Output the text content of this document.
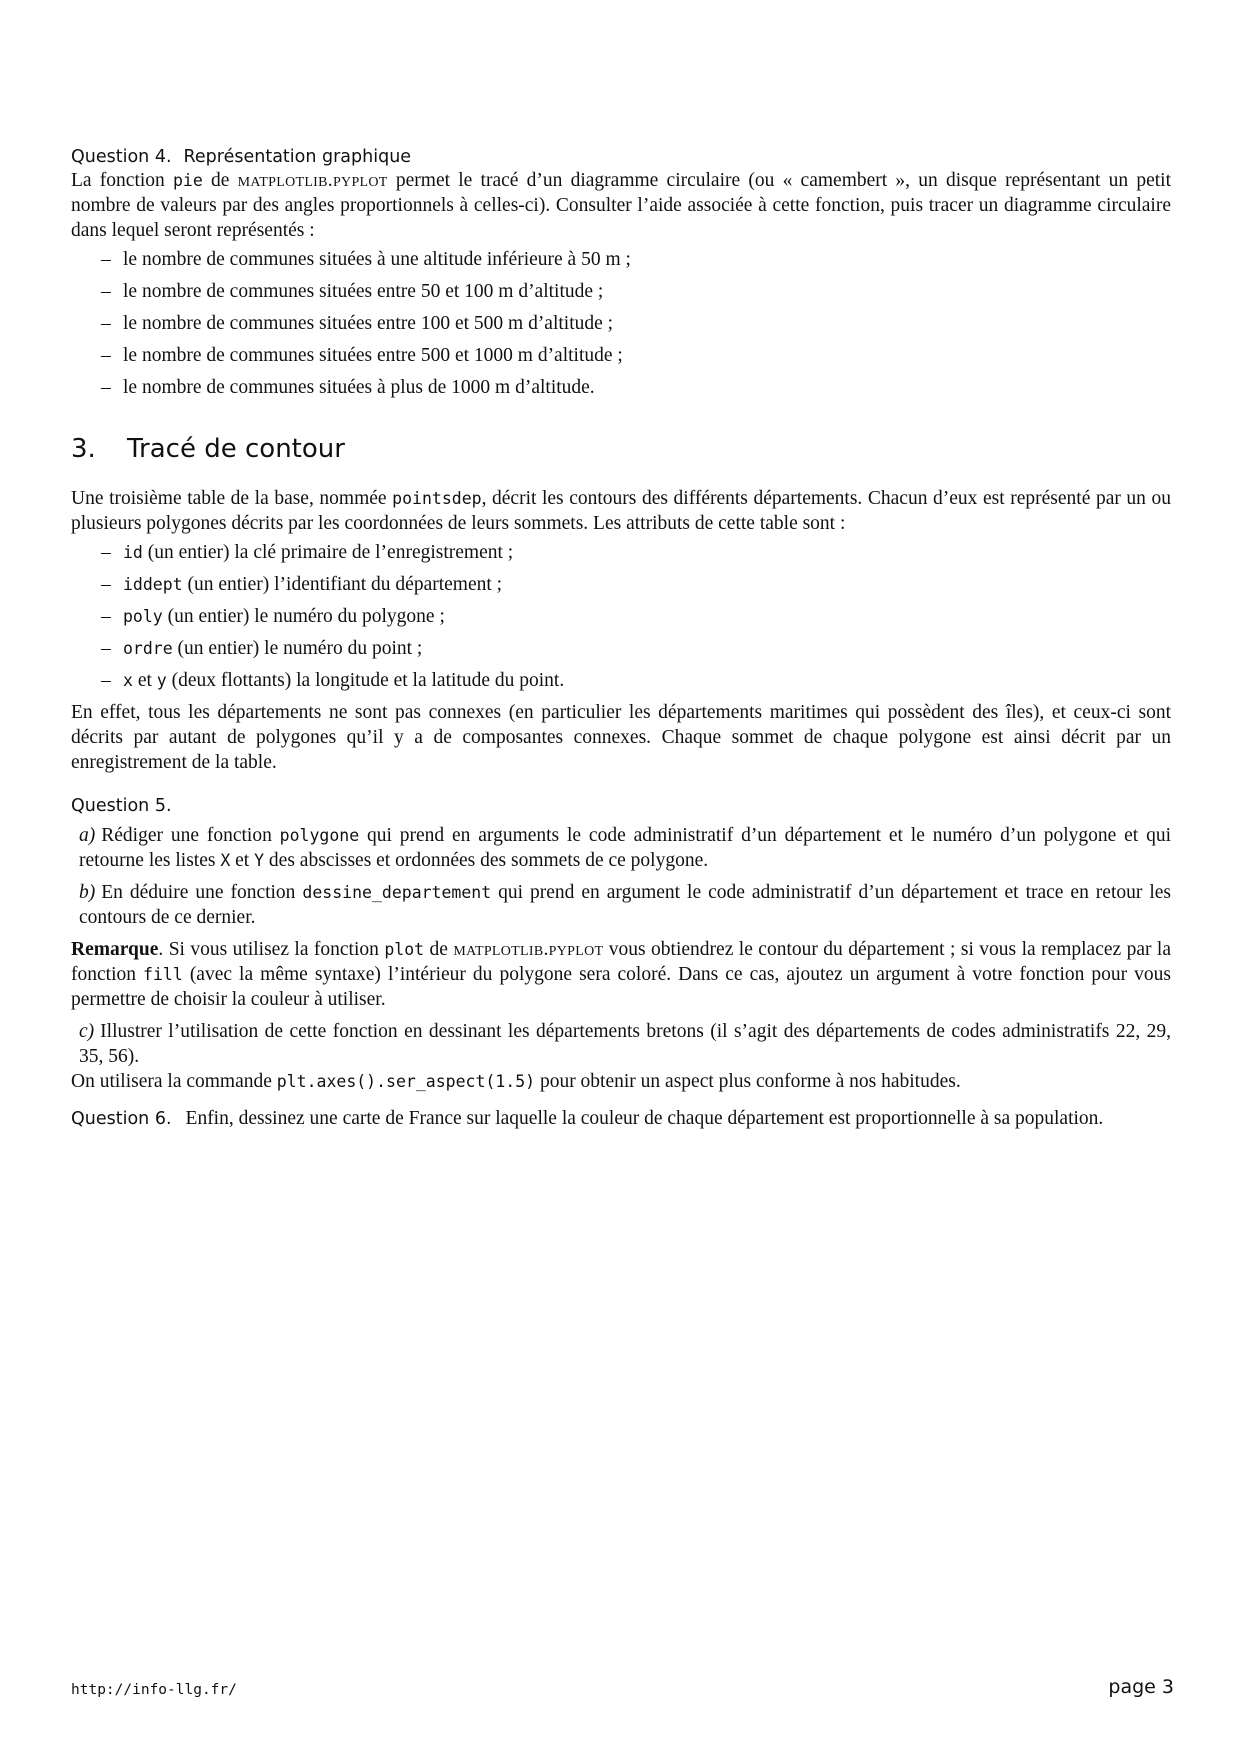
Question 4. Représentation graphique

La fonction pie de matplotlib.pyplot permet le tracé d’un diagramme circulaire (ou « camembert », un disque représentant un petit nombre de valeurs par des angles proportionnels à celles-ci). Consulter l’aide associée à cette fonction, puis tracer un diagramme circulaire dans lequel seront représentés :

– le nombre de communes situées à une altitude inférieure à 50 m ;
– le nombre de communes situées entre 50 et 100 m d’altitude ;
– le nombre de communes situées entre 100 et 500 m d’altitude ;
– le nombre de communes situées entre 500 et 1000 m d’altitude ;
– le nombre de communes situées à plus de 1000 m d’altitude.
3. Tracé de contour

Une troisième table de la base, nommée pointsdep, décrit les contours des différents départements. Chacun d’eux est représenté par un ou plusieurs polygones décrits par les coordonnées de leurs sommets. Les attributs de cette table sont :

– id (un entier) la clé primaire de l’enregistrement ;
– iddept (un entier) l’identifiant du département ;
– poly (un entier) le numéro du polygone ;
– ordre (un entier) le numéro du point ;
– x et y (deux flottants) la longitude et la latitude du point.

En effet, tous les départements ne sont pas connexes (en particulier les départements maritimes qui possèdent des îles), et ceux-ci sont décrits par autant de polygones qu’il y a de composantes connexes. Chaque sommet de chaque polygone est ainsi décrit par un enregistrement de la table.

Question 5.

a) Rédiger une fonction polygone qui prend en arguments le code administratif d’un département et le numéro d’un polygone et qui retourne les listes X et Y des abscisses et ordonnées des sommets de ce polygone.

b) En déduire une fonction dessine_departement qui prend en argument le code administratif d’un département et trace en retour les contours de ce dernier.

Remarque. Si vous utilisez la fonction plot de matplotlib.pyplot vous obtiendrez le contour du département ; si vous la remplacez par la fonction fill (avec la même syntaxe) l’intérieur du polygone sera coloré. Dans ce cas, ajoutez un argument à votre fonction pour vous permettre de choisir la couleur à utiliser.

c) Illustrer l’utilisation de cette fonction en dessinant les départements bretons (il s’agit des départements de codes administratifs 22, 29, 35, 56).

On utilisera la commande plt.axes().ser_aspect(1.5) pour obtenir un aspect plus conforme à nos habitudes.

Question 6. Enfin, dessinez une carte de France sur laquelle la couleur de chaque département est proportionnelle à sa population.

http://info-llg.fr/	page 3
